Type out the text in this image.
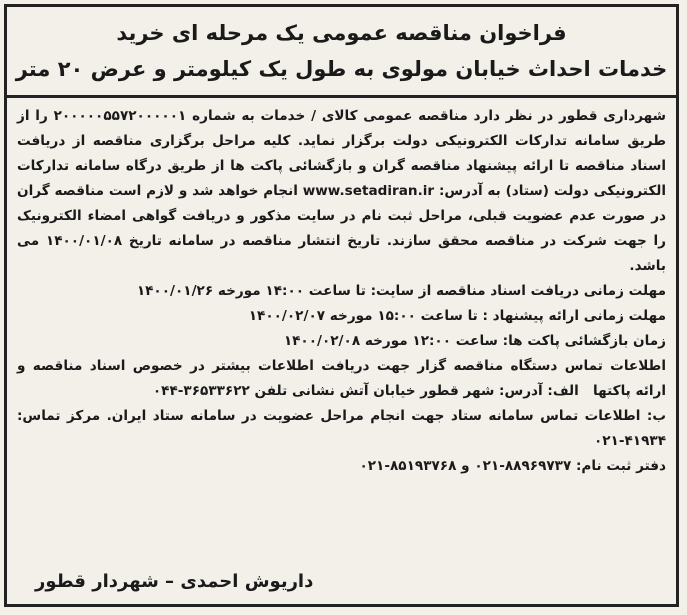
فراخوان مناقصه عمومی یک مرحله ای خرید
خدمات احداث خیابان مولوی به طول یک کیلومتر و عرض ۲۰ متر

شهرداری قطور در نظر دارد مناقصه عمومی کالای / خدمات به شماره ۲۰۰۰۰۰۵۵۷۲۰۰۰۰۰۱ را از طریق سامانه تدارکات الکترونیکی دولت برگزار نماید. کلیه مراحل برگزاری مناقصه از دریافت اسناد مناقصه تا ارائه پیشنهاد مناقصه گران و بازگشائی پاکت ها از طریق درگاه سامانه تدارکات الکترونیکی دولت (ستاد) به آدرس: www.setadiran.ir انجام خواهد شد و لازم است مناقصه گران در صورت عدم عضویت قبلی، مراحل ثبت نام در سایت مذکور و دریافت گواهی امضاء الکترونیک را جهت شرکت در مناقصه محقق سازند. تاریخ انتشار مناقصه در سامانه تاریخ ۱۴۰۰/۰۱/۰۸ می باشد.

مهلت زمانی دریافت اسناد مناقصه از سایت: تا ساعت ۱۴:۰۰ مورخه ۱۴۰۰/۰۱/۲۶

مهلت زمانی ارائه پیشنهاد : تا ساعت ۱۵:۰۰ مورخه ۱۴۰۰/۰۲/۰۷

زمان بازگشائی پاکت ها: ساعت ۱۲:۰۰ مورخه ۱۴۰۰/۰۲/۰۸

اطلاعات تماس دستگاه مناقصه گزار جهت دریافت اطلاعات بیشتر در خصوص اسناد مناقصه و ارائه پاکتها   الف: آدرس: شهر قطور خیابان آتش نشانی تلفن ۳۶۵۳۳۶۲۲-۰۴۴

ب: اطلاعات تماس سامانه ستاد جهت انجام مراحل عضویت در سامانه ستاد ایران. مرکز تماس: ۴۱۹۳۴-۰۲۱

دفتر ثبت نام: ۸۸۹۶۹۷۳۷-۰۲۱ و ۸۵۱۹۳۷۶۸-۰۲۱

داریوش احمدی – شهردار قطور
